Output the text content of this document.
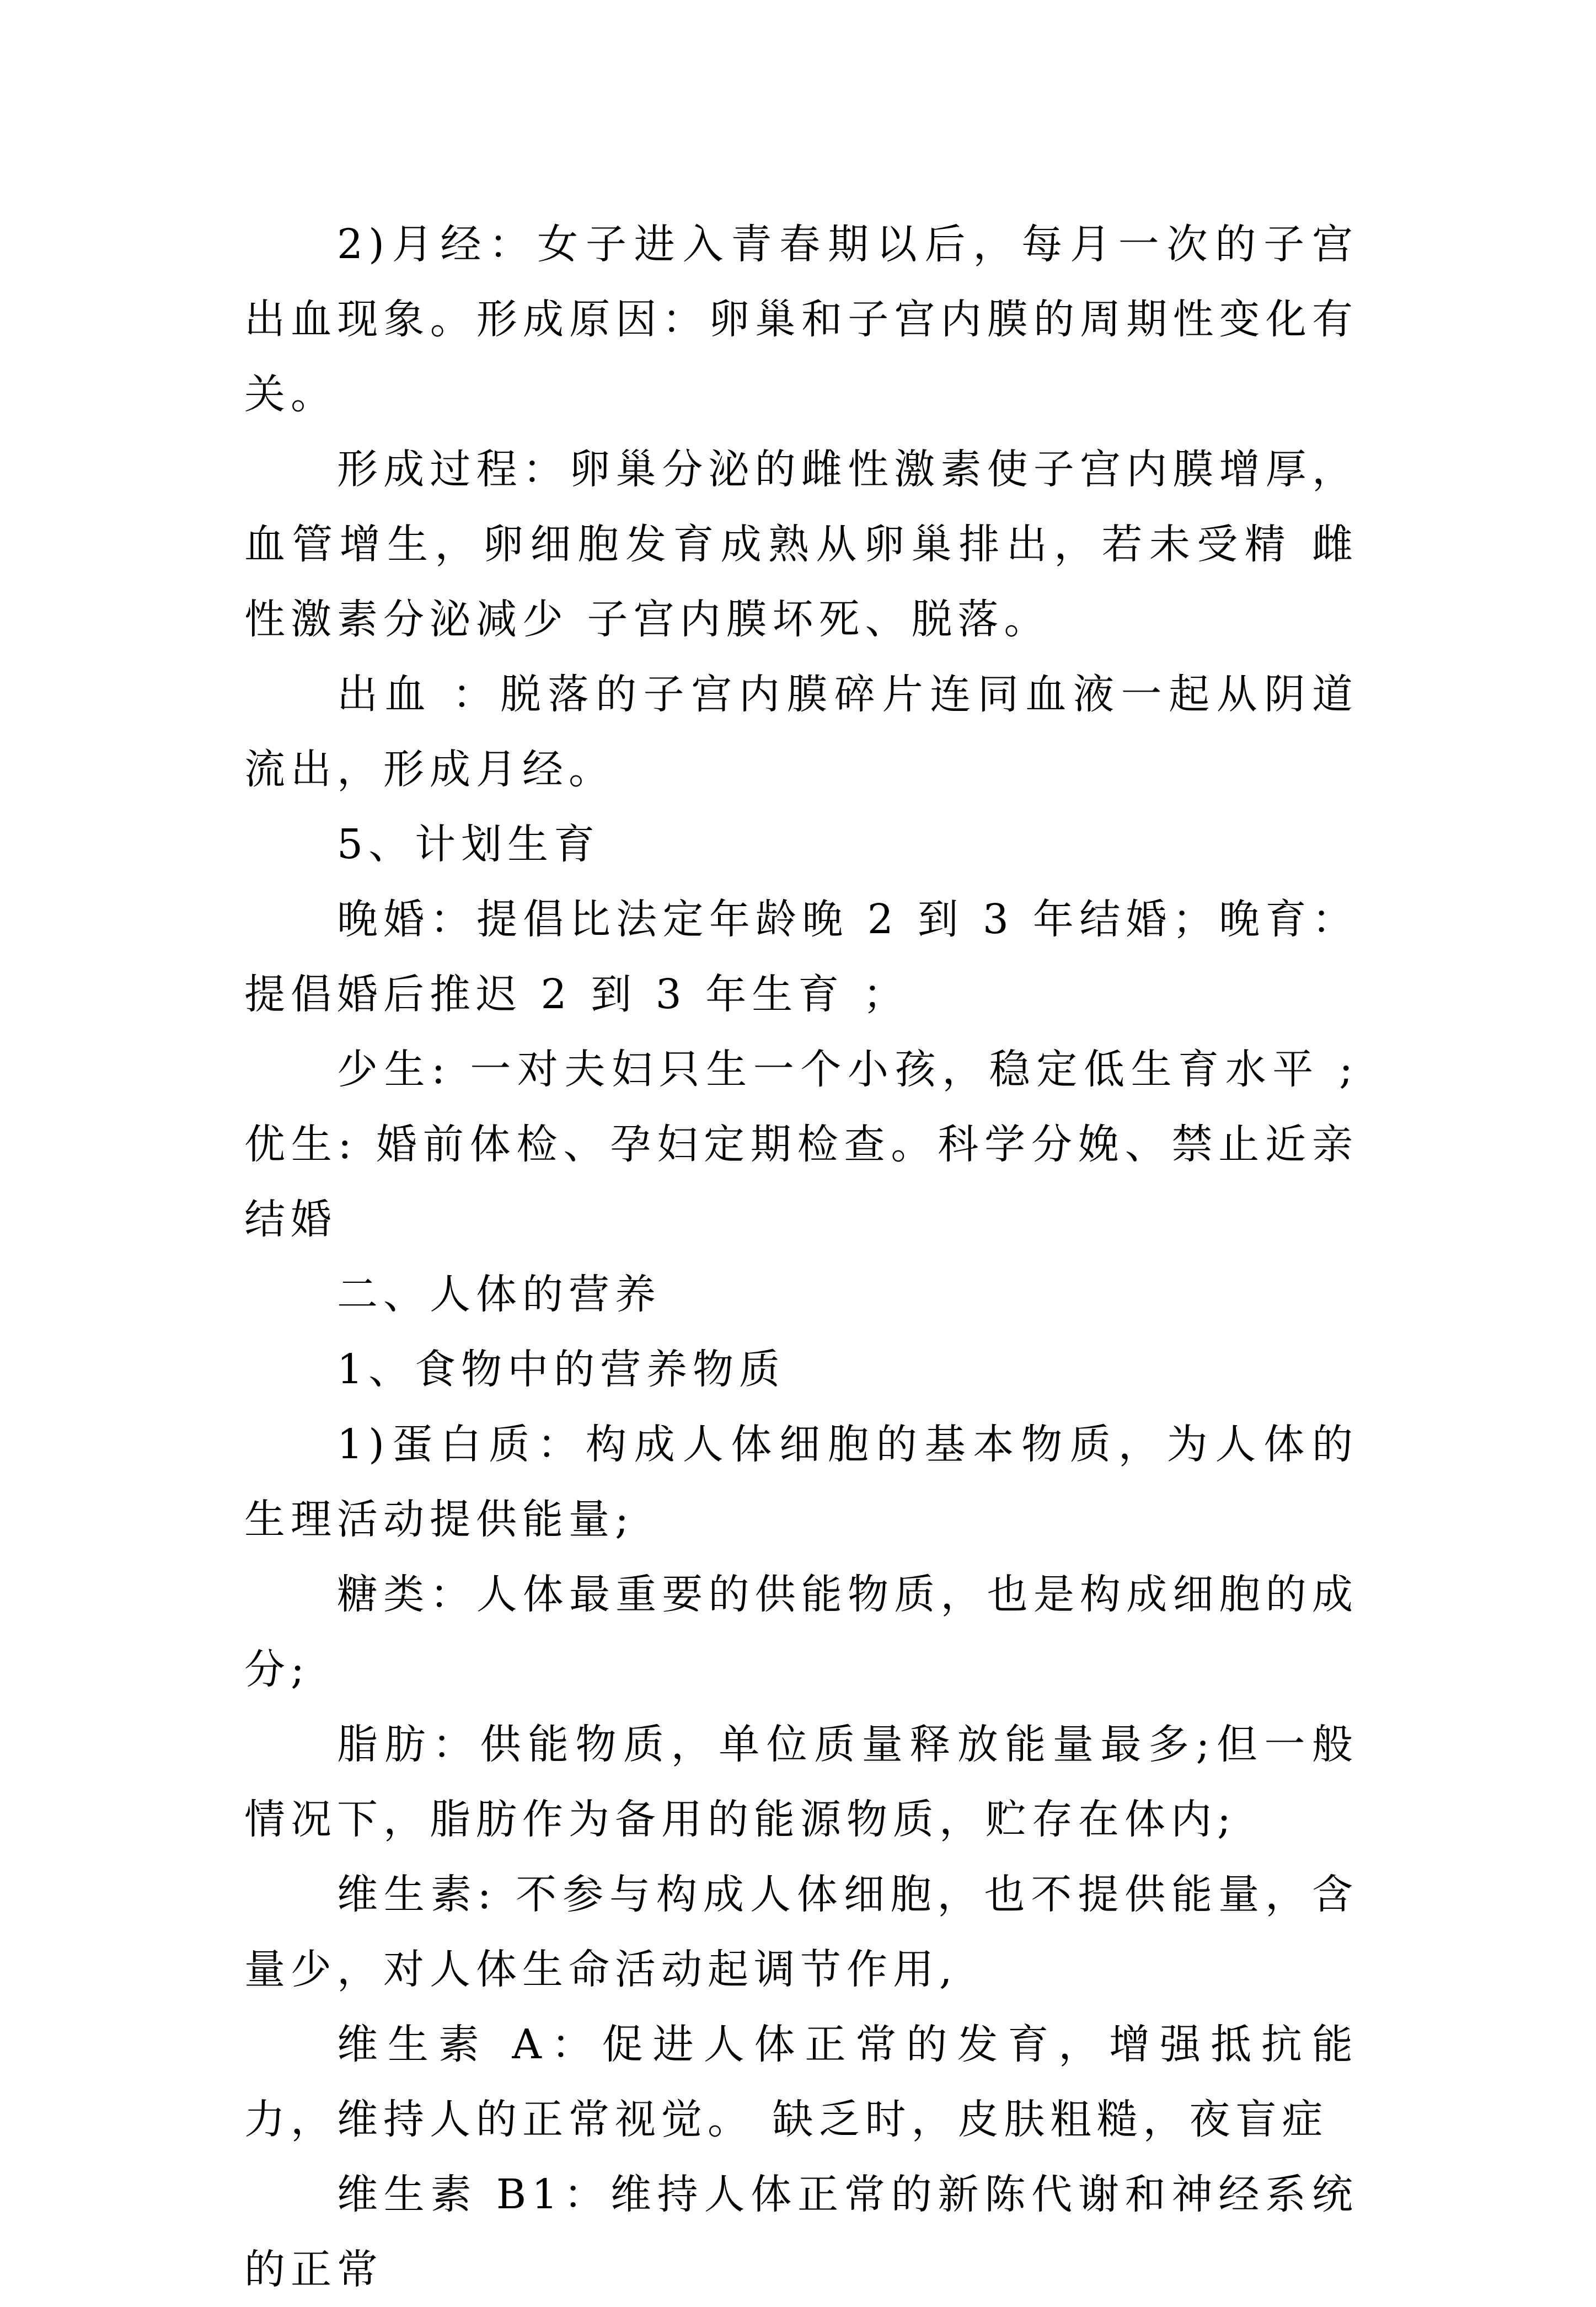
2)月经：女子进入青春期以后，每月一次的子宫出血现象。形成原因：卵巢和子宫内膜的周期性变化有关。

形成过程：卵巢分泌的雌性激素使子宫内膜增厚，血管增生，卵细胞发育成熟从卵巢排出，若未受精 雌性激素分泌减少 子宫内膜坏死、脱落。

出血 ：脱落的子宫内膜碎片连同血液一起从阴道流出，形成月经。

5、计划生育

晚婚：提倡比法定年龄晚 2 到 3 年结婚；晚育：提倡婚后推迟 2 到 3 年生育 ；

少生: 一对夫妇只生一个小孩，稳定低生育水平 ;优生: 婚前体检、孕妇定期检查。科学分娩、禁止近亲结婚

二、人体的营养

1、食物中的营养物质

1)蛋白质：构成人体细胞的基本物质，为人体的生理活动提供能量;

糖类：人体最重要的供能物质，也是构成细胞的成分;

脂肪：供能物质，单位质量释放能量最多;但一般情况下，脂肪作为备用的能源物质，贮存在体内;

维生素: 不参与构成人体细胞，也不提供能量，含量少，对人体生命活动起调节作用,

维生素 A：促进人体正常的发育，增强抵抗能力，维持人的正常视觉。 缺乏时，皮肤粗糙，夜盲症

维生素 B1：维持人体正常的新陈代谢和神经系统的正常
